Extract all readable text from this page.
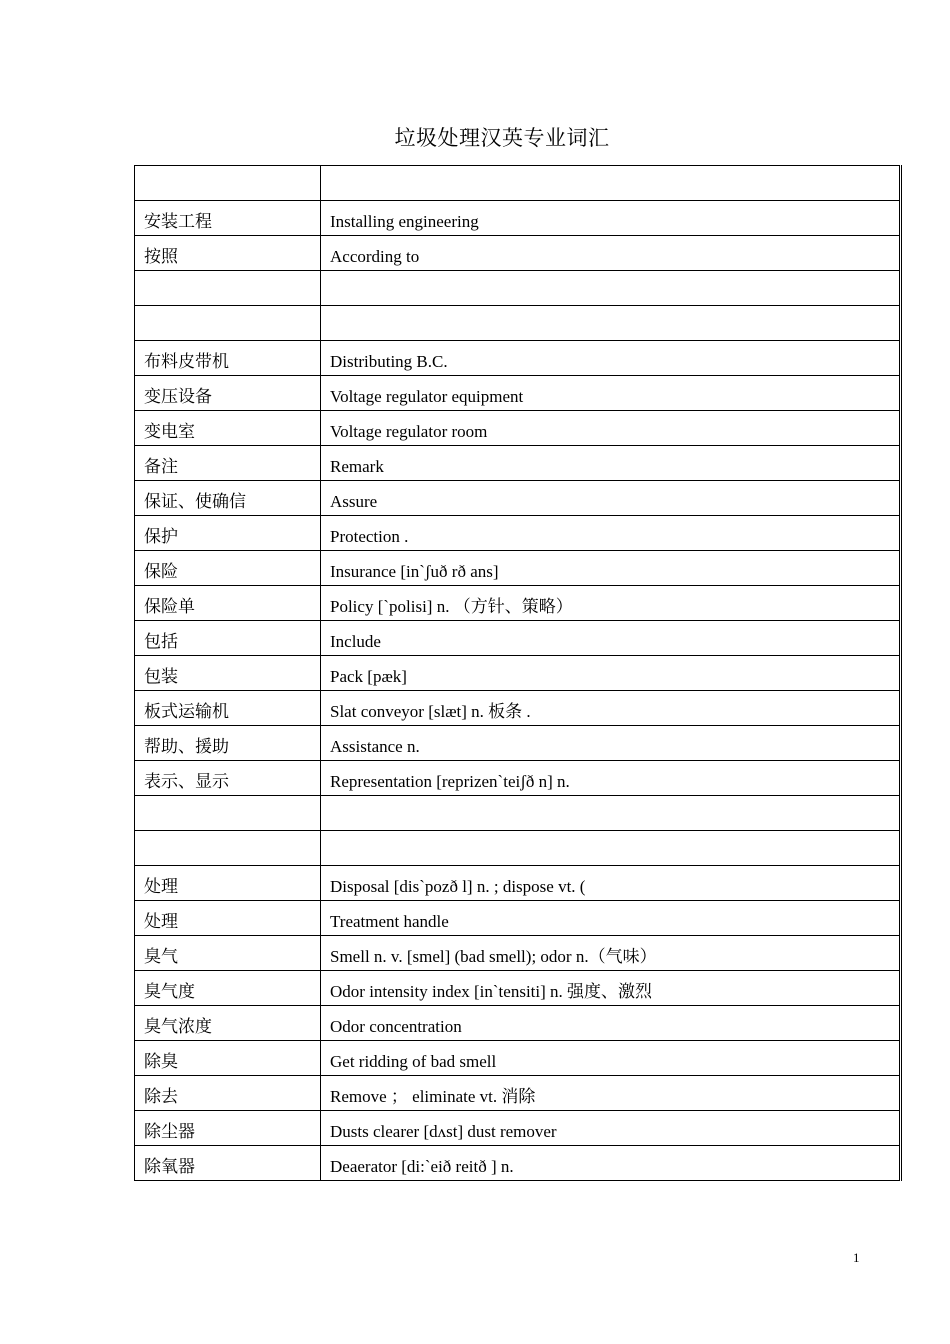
垃圾处理汉英专业词汇

安装工程	Installing engineering
按照	According to

布料皮带机	Distributing B.C.
变压设备	Voltage regulator equipment
变电室	Voltage regulator room
备注	Remark
保证、使确信	Assure
保护	Protection .
保险	Insurance [in`ʃuð rð ans]
保险单	Policy [`polisi] n. （方针、策略）
包括	Include
包装	Pack [pæk]
板式运输机	Slat conveyor [slæt] n. 板条 .
帮助、援助	Assistance n.
表示、显示	Representation [reprizen`teiʃð n] n.

处理	Disposal [dis`pozð l] n. ; dispose vt. (
处理	Treatment handle
臭气	Smell n. v. [smel] (bad smell); odor n.（气味）
臭气度	Odor intensity index [in`tensiti] n. 强度、激烈
臭气浓度	Odor concentration
除臭	Get ridding of bad smell
除去	Remove ； eliminate vt. 消除
除尘器	Dusts clearer [dʌst] dust remover
除氧器	Deaerator [di:`eið reitð ] n.
1
